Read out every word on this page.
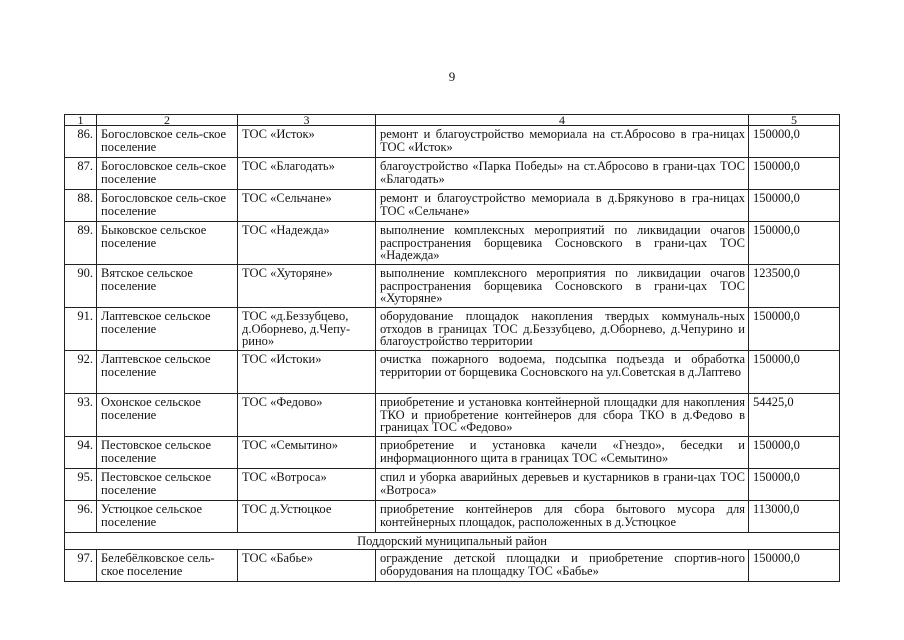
9
1	2	3	4	5
86.	Богословское сель-ское поселение	ТОС «Исток»	ремонт и благоустройство мемориала на ст.Абросово в гра-ницах ТОС «Исток»	150000,0
87.	Богословское сель-ское поселение	ТОС «Благодать»	благоустройство «Парка Победы» на ст.Абросово в грани-цах ТОС «Благодать»	150000,0
88.	Богословское сель-ское поселение	ТОС «Сельчане»	ремонт и благоустройство мемориала в д.Брякуново в гра-ницах ТОС «Сельчане»	150000,0
89.	Быковское сельское поселение	ТОС «Надежда»	выполнение комплексных мероприятий по ликвидации очагов распространения борщевика Сосновского в грани-цах ТОС «Надежда»	150000,0
90.	Вятское сельское поселение	ТОС «Хуторяне»	выполнение комплексного мероприятия по ликвидации очагов распространения борщевика Сосновского в грани-цах ТОС «Хуторяне»	123500,0
91.	Лаптевское сельское поселение	ТОС «д.Беззубцево, д.Оборнево, д.Чепу-рино»	оборудование площадок накопления твердых коммуналь-ных отходов в границах ТОС д.Беззубцево, д.Оборнево, д.Чепурино и благоустройство территории	150000,0
92.	Лаптевское сельское поселение	ТОС «Истоки»	очистка пожарного водоема, подсыпка подъезда и обработка территории от борщевика Сосновского на ул.Советская в д.Лаптево	150000,0
93.	Охонское сельское поселение	ТОС «Федово»	приобретение и установка контейнерной площадки для накопления ТКО и приобретение контейнеров для сбора ТКО в д.Федово в границах ТОС «Федово»	54425,0
94.	Пестовское сельское поселение	ТОС «Семытино»	приобретение и установка качели «Гнездо», беседки и информационного щита в границах ТОС «Семытино»	150000,0
95.	Пестовское сельское поселение	ТОС «Вотроса»	спил и уборка аварийных деревьев и кустарников в грани-цах ТОС «Вотроса»	150000,0
96.	Устюцкое сельское поселение	ТОС д.Устюцкое	приобретение контейнеров для сбора бытового мусора для контейнерных площадок, расположенных в д.Устюцкое	113000,0
Поддорский муниципальный район				
97.	Белебёлковское сель-ское поселение	ТОС «Бабье»	ограждение детской площадки и приобретение спортив-ного оборудования на площадку ТОС «Бабье»	150000,0
